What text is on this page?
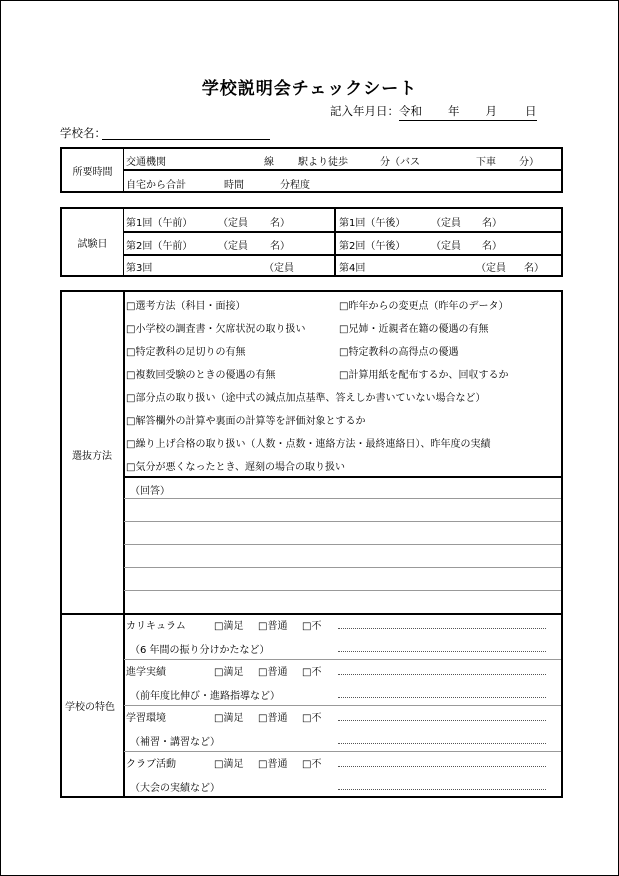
学校説明会チェックシート
記入年月日：令和 年 月 日
学校名：
所要時間
交通機関	線 駅より徒歩	分（バス	下車 分）
自宅から合計	時間	分程度
試験日
第1回（午前）	（定員 名）	第1回（午後）	（定員 名）
第2回（午前）	（定員 名）	第2回（午後）	（定員 名）
第3回	（定員	第4回	（定員 名）
選抜方法
学校の特色
□選考方法（科目・面接）	□昨年からの変更点（昨年のデータ）
□小学校の調査書・欠席状況の取り扱い	□兄姉・近親者在籍の優遇の有無
□特定教科の足切りの有無	□特定教科の高得点の優遇
□複数回受験のときの優遇の有無	□計算用紙を配布するか、回収するか
□部分点の取り扱い（途中式の減点加点基準、答えしか書いていない場合など）
□解答欄外の計算や裏面の計算等を評価対象とするか
□繰り上げ合格の取り扱い（人数・点数・連絡方法・最終連絡日）、昨年度の実績
□気分が悪くなったとき、遅刻の場合の取り扱い
（回答）
カリキュラム	□満足 □普通 □不
（6 年間の振り分けかたなど）
進学実績	□満足 □普通 □不
（前年度比伸び・進路指導など）
学習環境	□満足 □普通 □不
（補習・講習など）
クラブ活動	□満足 □普通 □不
（大会の実績など）
